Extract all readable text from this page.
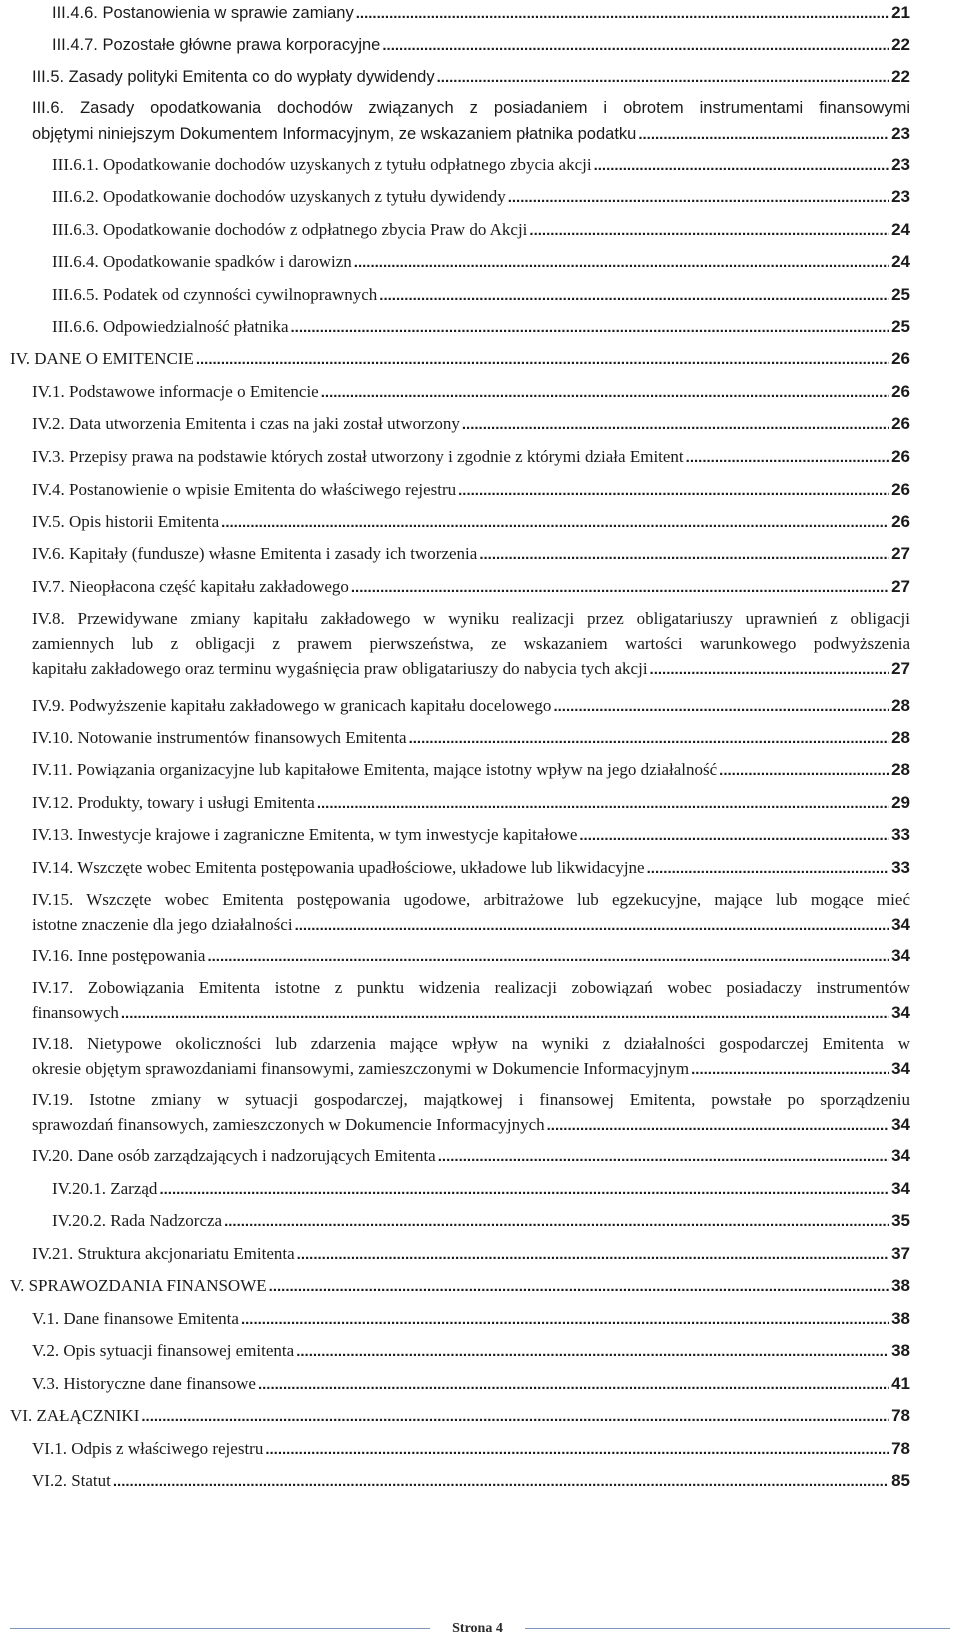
III.4.6. Postanowienia w sprawie zamiany .....	21
III.4.7. Pozostałe główne prawa korporacyjne .....	22
III.5. Zasady polityki Emitenta co do wypłaty dywidendy .....	22
III.6. Zasady opodatkowania dochodów związanych z posiadaniem i obrotem instrumentami finansowymi
objętymi niniejszym Dokumentem Informacyjnym, ze wskazaniem płatnika podatku .....	23
III.6.1. Opodatkowanie dochodów uzyskanych z tytułu odpłatnego zbycia akcji .....	23
III.6.2. Opodatkowanie dochodów uzyskanych z tytułu dywidendy .....	23
III.6.3. Opodatkowanie dochodów z odpłatnego zbycia Praw do Akcji .....	24
III.6.4. Opodatkowanie spadków i darowizn .....	24
III.6.5. Podatek od czynności cywilnoprawnych .....	25
III.6.6. Odpowiedzialność płatnika .....	25
IV. DANE O EMITENCIE .....	26
IV.1. Podstawowe informacje o Emitencie .....	26
IV.2. Data utworzenia Emitenta i czas na jaki został utworzony .....	26
IV.3. Przepisy prawa na podstawie których został utworzony i zgodnie z którymi działa Emitent .....	26
IV.4. Postanowienie o wpisie Emitenta do właściwego rejestru .....	26
IV.5. Opis historii Emitenta .....	26
IV.6. Kapitały (fundusze) własne Emitenta i zasady ich tworzenia .....	27
IV.7. Nieopłacona część kapitału zakładowego .....	27
IV.8. Przewidywane zmiany kapitału zakładowego w wyniku realizacji przez obligatariuszy uprawnień z obligacji
zamiennych lub z obligacji z prawem pierwszeństwa, ze wskazaniem wartości warunkowego podwyższenia
kapitału zakładowego oraz terminu wygaśnięcia praw obligatariuszy do nabycia tych akcji .....	27
IV.9. Podwyższenie kapitału zakładowego w granicach kapitału docelowego .....	28
IV.10. Notowanie instrumentów finansowych Emitenta .....	28
IV.11. Powiązania organizacyjne lub kapitałowe Emitenta, mające istotny wpływ na jego działalność .....	28
IV.12. Produkty, towary i usługi Emitenta .....	29
IV.13. Inwestycje krajowe i zagraniczne Emitenta, w tym inwestycje kapitałowe .....	33
IV.14. Wszczęte wobec Emitenta postępowania upadłościowe, układowe lub likwidacyjne .....	33
IV.15. Wszczęte wobec Emitenta postępowania ugodowe, arbitrażowe lub egzekucyjne, mające lub mogące mieć
istotne znaczenie dla jego działalności .....	34
IV.16. Inne postępowania .....	34
IV.17. Zobowiązania Emitenta istotne z punktu widzenia realizacji zobowiązań wobec posiadaczy instrumentów
finansowych .....	34
IV.18. Nietypowe okoliczności lub zdarzenia mające wpływ na wyniki z działalności gospodarczej Emitenta w
okresie objętym sprawozdaniami finansowymi, zamieszczonymi w Dokumencie Informacyjnym .....	34
IV.19. Istotne zmiany w sytuacji gospodarczej, majątkowej i finansowej Emitenta, powstałe po sporządzeniu
sprawozdań finansowych, zamieszczonych w Dokumencie Informacyjnych .....	34
IV.20. Dane osób zarządzających i nadzorujących Emitenta .....	34
IV.20.1. Zarząd .....	34
IV.20.2. Rada Nadzorcza .....	35
IV.21. Struktura akcjonariatu Emitenta .....	37
V. SPRAWOZDANIA FINANSOWE .....	38
V.1. Dane finansowe Emitenta .....	38
V.2. Opis sytuacji finansowej emitenta .....	38
V.3. Historyczne dane finansowe .....	41
VI. ZAŁĄCZNIKI .....	78
VI.1. Odpis z właściwego rejestru .....	78
VI.2. Statut .....	85
Strona 4
